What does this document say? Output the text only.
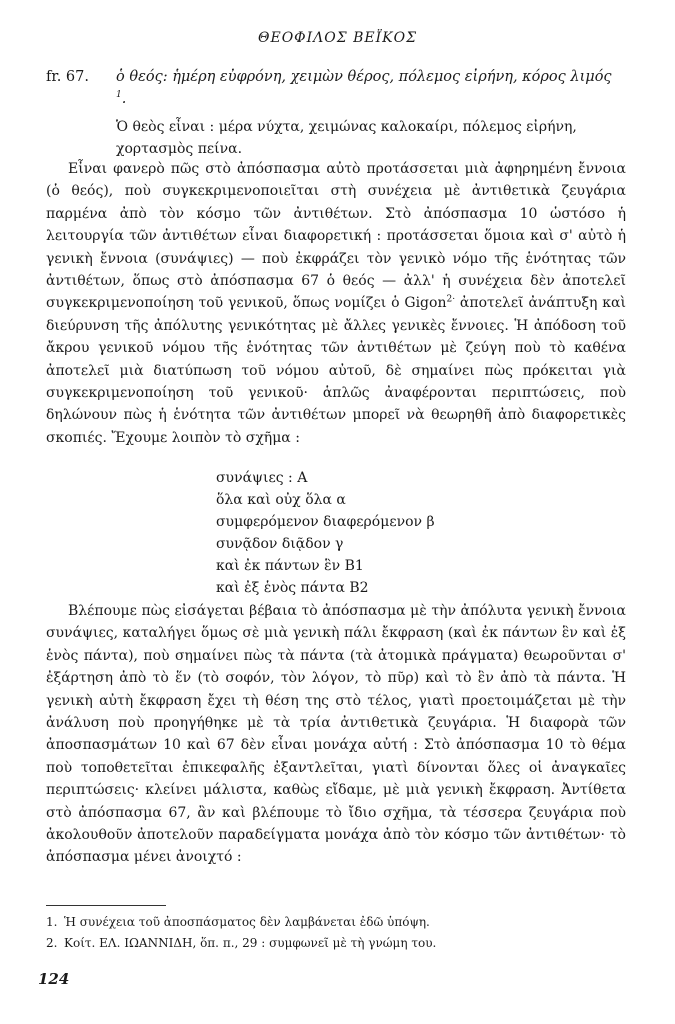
ΘΕΟΦΙΛΟΣ ΒΕΪΚΟΣ
fr. 67.	ὁ θεός: ἡμέρη εὐφρόνη, χειμὼν θέρος, πόλεμος εἰρήνη, κόρος λιμός $^1$.
Ὁ θεὸς εἶναι : μέρα νύχτα, χειμώνας καλοκαίρι, πόλεμος εἰρήνη, χορτασμὸς πείνα.

Εἶναι φανερὸ πῶς στὸ ἀπόσπασμα αὐτὸ προτάσσεται μιὰ ἀφηρημένη ἔννοια (ὁ θεός), ποὺ συγκεκριμενοποιεῖται στὴ συνέχεια μὲ ἀντιθετικὰ ζευγάρια παρμένα ἀπὸ τὸν κόσμο τῶν ἀντιθέτων. Στὸ ἀπόσπασμα 10 ὡστόσο ἡ λειτουργία τῶν ἀντιθέτων εἶναι διαφορετική : προτάσσεται ὅμοια καὶ σ' αὐτὸ ἡ γενικὴ ἔννοια (συνάψιες) — ποὺ ἐκφράζει τὸν γενικὸ νόμο τῆς ἑνότητας τῶν ἀντιθέτων, ὅπως στὸ ἀπόσπασμα 67 ὁ θεός — ἀλλ' ἡ συνέχεια δὲν ἀποτελεῖ συγκεκριμενοποίηση τοῦ γενικοῦ, ὅπως νομίζει ὁ Gigon$^{2\cdot}$ ἀποτελεῖ ἀνάπτυξη καὶ διεύρυνση τῆς ἀπόλυτης γενικότητας μὲ ἄλλες γενικὲς ἔννοιες. Ἡ ἀπόδοση τοῦ ἄκρου γενικοῦ νόμου τῆς ἑνότητας τῶν ἀντιθέτων μὲ ζεύγη ποὺ τὸ καθένα ἀποτελεῖ μιὰ διατύπωση τοῦ νόμου αὐτοῦ, δὲ σημαίνει πὼς πρόκειται γιὰ συγκεκριμενοποίηση τοῦ γενικοῦ· ἁπλῶς ἀναφέρονται περιπτώσεις, ποὺ δηλώνουν πὼς ἡ ἑνότητα τῶν ἀντιθέτων μπορεῖ νὰ θεωρηθῆ ἀπὸ διαφορετικὲς σκοπιές. Ἔχουμε λοιπὸν τὸ σχῆμα :

συνάψιες : Α
ὅλα καὶ οὐχ ὅλα α
συμφερόμενον διαφερόμενον β
συνᾷδον διᾷδον γ
καὶ ἐκ πάντων ἓν Β1
καὶ ἐξ ἑνὸς πάντα Β2

Βλέπουμε πὼς εἰσάγεται βέβαια τὸ ἀπόσπασμα μὲ τὴν ἀπόλυτα γενικὴ ἔννοια συνάψιες, καταλήγει ὅμως σὲ μιὰ γενικὴ πάλι ἔκφραση (καὶ ἐκ πάντων ἓν καὶ ἐξ ἑνὸς πάντα), ποὺ σημαίνει πὼς τὰ πάντα (τὰ ἀτομικὰ πράγματα) θεωροῦνται σ' ἐξάρτηση ἀπὸ τὸ ἕν (τὸ σοφόν, τὸν λόγον, τὸ πῦρ) καὶ τὸ ἓν ἀπὸ τὰ πάντα. Ἡ γενικὴ αὐτὴ ἔκφραση ἔχει τὴ θέση της στὸ τέλος, γιατὶ προετοιμάζεται μὲ τὴν ἀνάλυση ποὺ προηγήθηκε μὲ τὰ τρία ἀντιθετικὰ ζευγάρια. Ἡ διαφορὰ τῶν ἀποσπασμάτων 10 καὶ 67 δὲν εἶναι μονάχα αὐτή : Στὸ ἀπόσπασμα 10 τὸ θέμα ποὺ τοποθετεῖται ἐπικεφαλῆς ἐξαντλεῖται, γιατὶ δίνονται ὅλες οἱ ἀναγκαῖες περιπτώσεις· κλείνει μάλιστα, καθὼς εἴδαμε, μὲ μιὰ γενικὴ ἔκφραση. Ἀντίθετα στὸ ἀπόσπασμα 67, ἂν καὶ βλέπουμε τὸ ἴδιο σχῆμα, τὰ τέσσερα ζευγάρια ποὺ ἀκολουθοῦν ἀποτελοῦν παραδείγματα μονάχα ἀπὸ τὸν κόσμο τῶν ἀντιθέτων· τὸ ἀπόσπασμα μένει ἀνοιχτό :

1. Ἡ συνέχεια τοῦ ἀποσπάσματος δὲν λαμβάνεται ἐδῶ ὑπόψη.
2. Κοίτ. ΕΛ. ΙΩΑΝΝΙΔΗ, ὅπ. π., 29 : συμφωνεῖ μὲ τὴ γνώμη του.
124
